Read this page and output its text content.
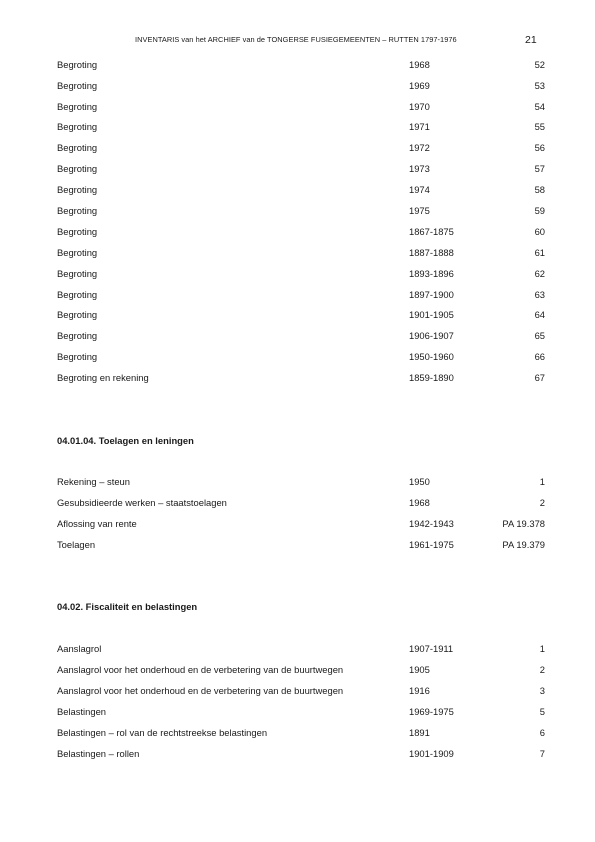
INVENTARIS van het ARCHIEF van de TONGERSE FUSIEGEMEENTEN – RUTTEN 1797-1976	21
Begroting	1968	52
Begroting	1969	53
Begroting	1970	54
Begroting	1971	55
Begroting	1972	56
Begroting	1973	57
Begroting	1974	58
Begroting	1975	59
Begroting	1867-1875	60
Begroting	1887-1888	61
Begroting	1893-1896	62
Begroting	1897-1900	63
Begroting	1901-1905	64
Begroting	1906-1907	65
Begroting	1950-1960	66
Begroting en rekening	1859-1890	67
04.01.04. Toelagen en leningen
Rekening – steun	1950	1
Gesubsidieerde werken – staatstoelagen	1968	2
Aflossing van rente	1942-1943	PA 19.378
Toelagen	1961-1975	PA 19.379
04.02. Fiscaliteit en belastingen
Aanslagrol	1907-1911	1
Aanslagrol voor het onderhoud en de verbetering van de buurtwegen	1905	2
Aanslagrol voor het onderhoud en de verbetering van de buurtwegen	1916	3
Belastingen	1969-1975	5
Belastingen – rol van de rechtstreekse belastingen	1891	6
Belastingen – rollen	1901-1909	7
